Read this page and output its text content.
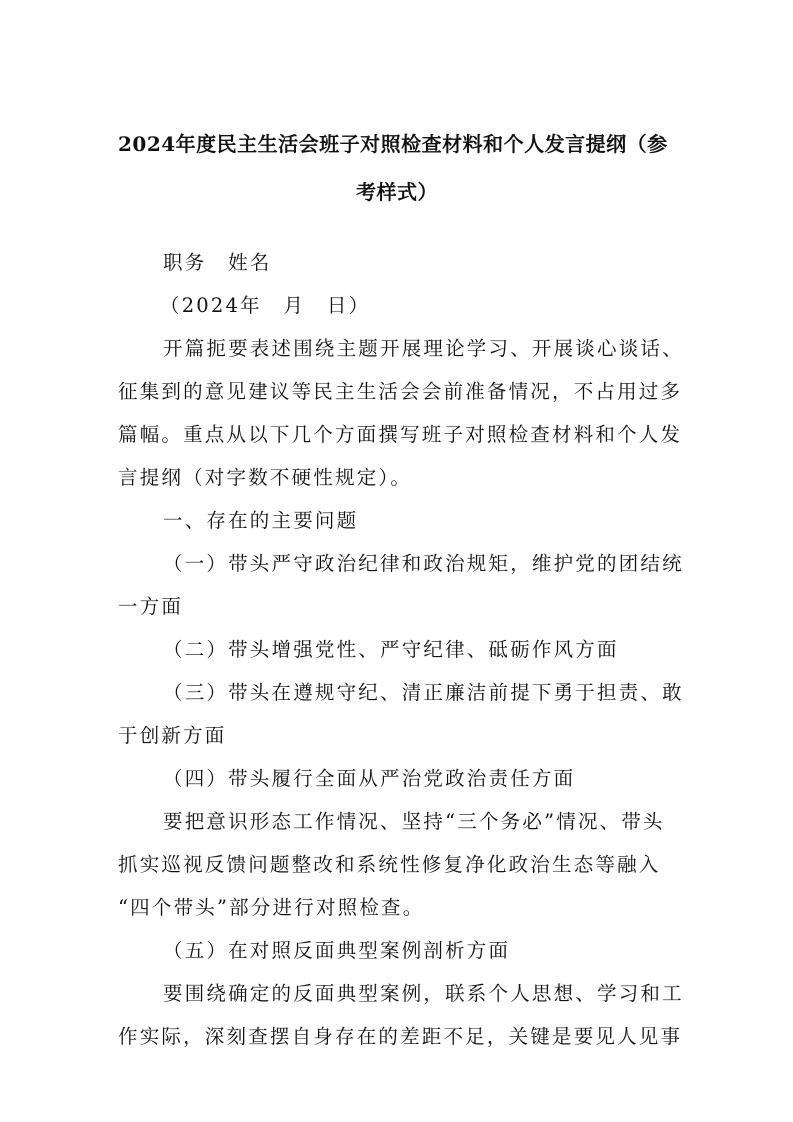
2024年度民主生活会班子对照检查材料和个人发言提纲（参
考样式）
职务　姓名
（2024年　月　日）
开篇扼要表述围绕主题开展理论学习、开展谈心谈话、
征集到的意见建议等民主生活会会前准备情况，不占用过多
篇幅。重点从以下几个方面撰写班子对照检查材料和个人发
言提纲（对字数不硬性规定）。
一、存在的主要问题
（一）带头严守政治纪律和政治规矩，维护党的团结统
一方面
（二）带头增强党性、严守纪律、砥砺作风方面
（三）带头在遵规守纪、清正廉洁前提下勇于担责、敢
于创新方面
（四）带头履行全面从严治党政治责任方面
要把意识形态工作情况、坚持“三个务必”情况、带头
抓实巡视反馈问题整改和系统性修复净化政治生态等融入
“四个带头”部分进行对照检查。
（五）在对照反面典型案例剖析方面
要围绕确定的反面典型案例，联系个人思想、学习和工
作实际，深刻查摆自身存在的差距不足，关键是要见人见事
